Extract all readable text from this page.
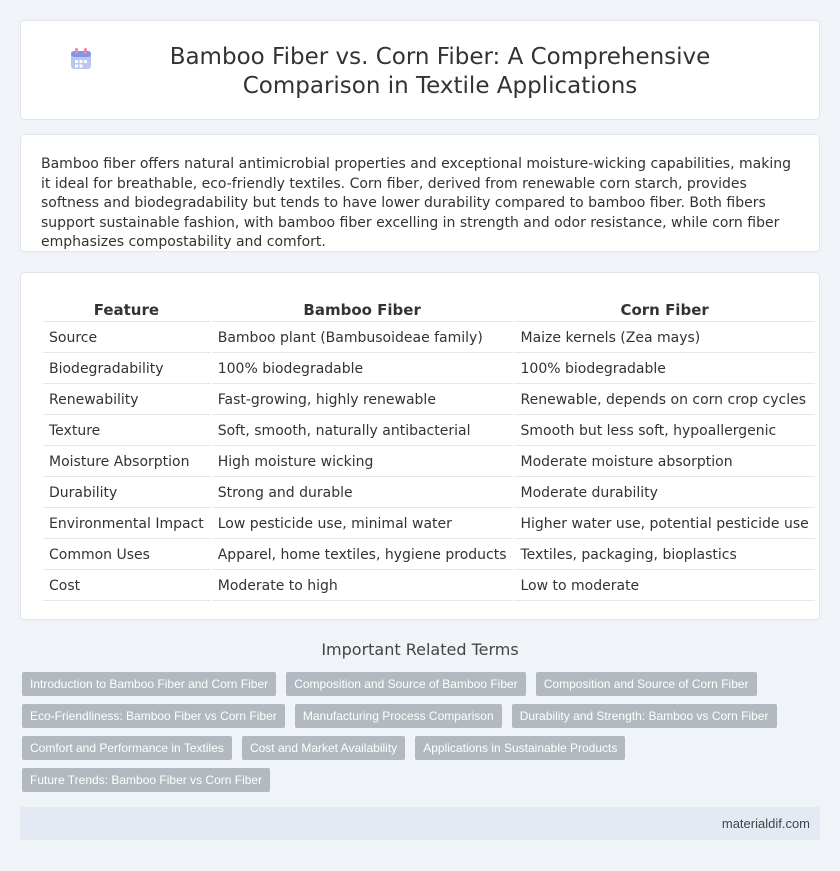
Bamboo Fiber vs. Corn Fiber: A Comprehensive Comparison in Textile Applications

Bamboo fiber offers natural antimicrobial properties and exceptional moisture-wicking capabilities, making it ideal for breathable, eco-friendly textiles. Corn fiber, derived from renewable corn starch, provides softness and biodegradability but tends to have lower durability compared to bamboo fiber. Both fibers support sustainable fashion, with bamboo fiber excelling in strength and odor resistance, while corn fiber emphasizes compostability and comfort.

Feature	Bamboo Fiber	Corn Fiber
Source	Bamboo plant (Bambusoideae family)	Maize kernels (Zea mays)
Biodegradability	100% biodegradable	100% biodegradable
Renewability	Fast-growing, highly renewable	Renewable, depends on corn crop cycles
Texture	Soft, smooth, naturally antibacterial	Smooth but less soft, hypoallergenic
Moisture Absorption	High moisture wicking	Moderate moisture absorption
Durability	Strong and durable	Moderate durability
Environmental Impact	Low pesticide use, minimal water	Higher water use, potential pesticide use
Common Uses	Apparel, home textiles, hygiene products	Textiles, packaging, bioplastics
Cost	Moderate to high	Low to moderate
Important Related Terms
Introduction to Bamboo Fiber and Corn Fiber Composition and Source of Bamboo Fiber Composition and Source of Corn Fiber Eco-Friendliness: Bamboo Fiber vs Corn Fiber Manufacturing Process Comparison Durability and Strength: Bamboo vs Corn Fiber Comfort and Performance in Textiles Cost and Market Availability Applications in Sustainable Products Future Trends: Bamboo Fiber vs Corn Fiber
materialdif.com
